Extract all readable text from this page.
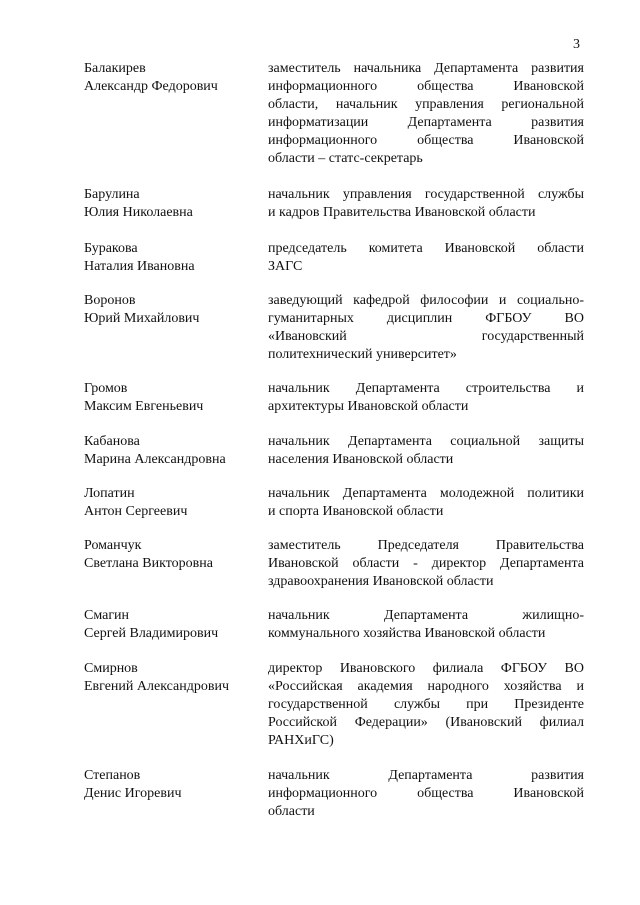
3
Балакирев
Александр Федорович
заместитель начальника Департамента развития
информационного общества Ивановской
области, начальник управления региональной
информатизации Департамента развития
информационного общества Ивановской
области – статс-секретарь
Барулина
Юлия Николаевна
начальник управления государственной службы
и кадров Правительства Ивановской области
Буракова
Наталия Ивановна
председатель комитета Ивановской области
ЗАГС
Воронов
Юрий Михайлович
заведующий кафедрой философии и социально-
гуманитарных дисциплин ФГБОУ ВО
«Ивановский государственный
политехнический университет»
Громов
Максим Евгеньевич
начальник Департамента строительства и
архитектуры Ивановской области
Кабанова
Марина Александровна
начальник Департамента социальной защиты
населения Ивановской области
Лопатин
Антон Сергеевич
начальник Департамента молодежной политики
и спорта Ивановской области
Романчук
Светлана Викторовна
заместитель Председателя Правительства
Ивановской области - директор Департамента
здравоохранения Ивановской области
Смагин
Сергей Владимирович
начальник Департамента жилищно-
коммунального хозяйства Ивановской области
Смирнов
Евгений Александрович
директор Ивановского филиала ФГБОУ ВО
«Российская академия народного хозяйства и
государственной службы при Президенте
Российской Федерации» (Ивановский филиал
РАНХиГС)
Степанов
Денис Игоревич
начальник Департамента развития
информационного общества Ивановской
области
